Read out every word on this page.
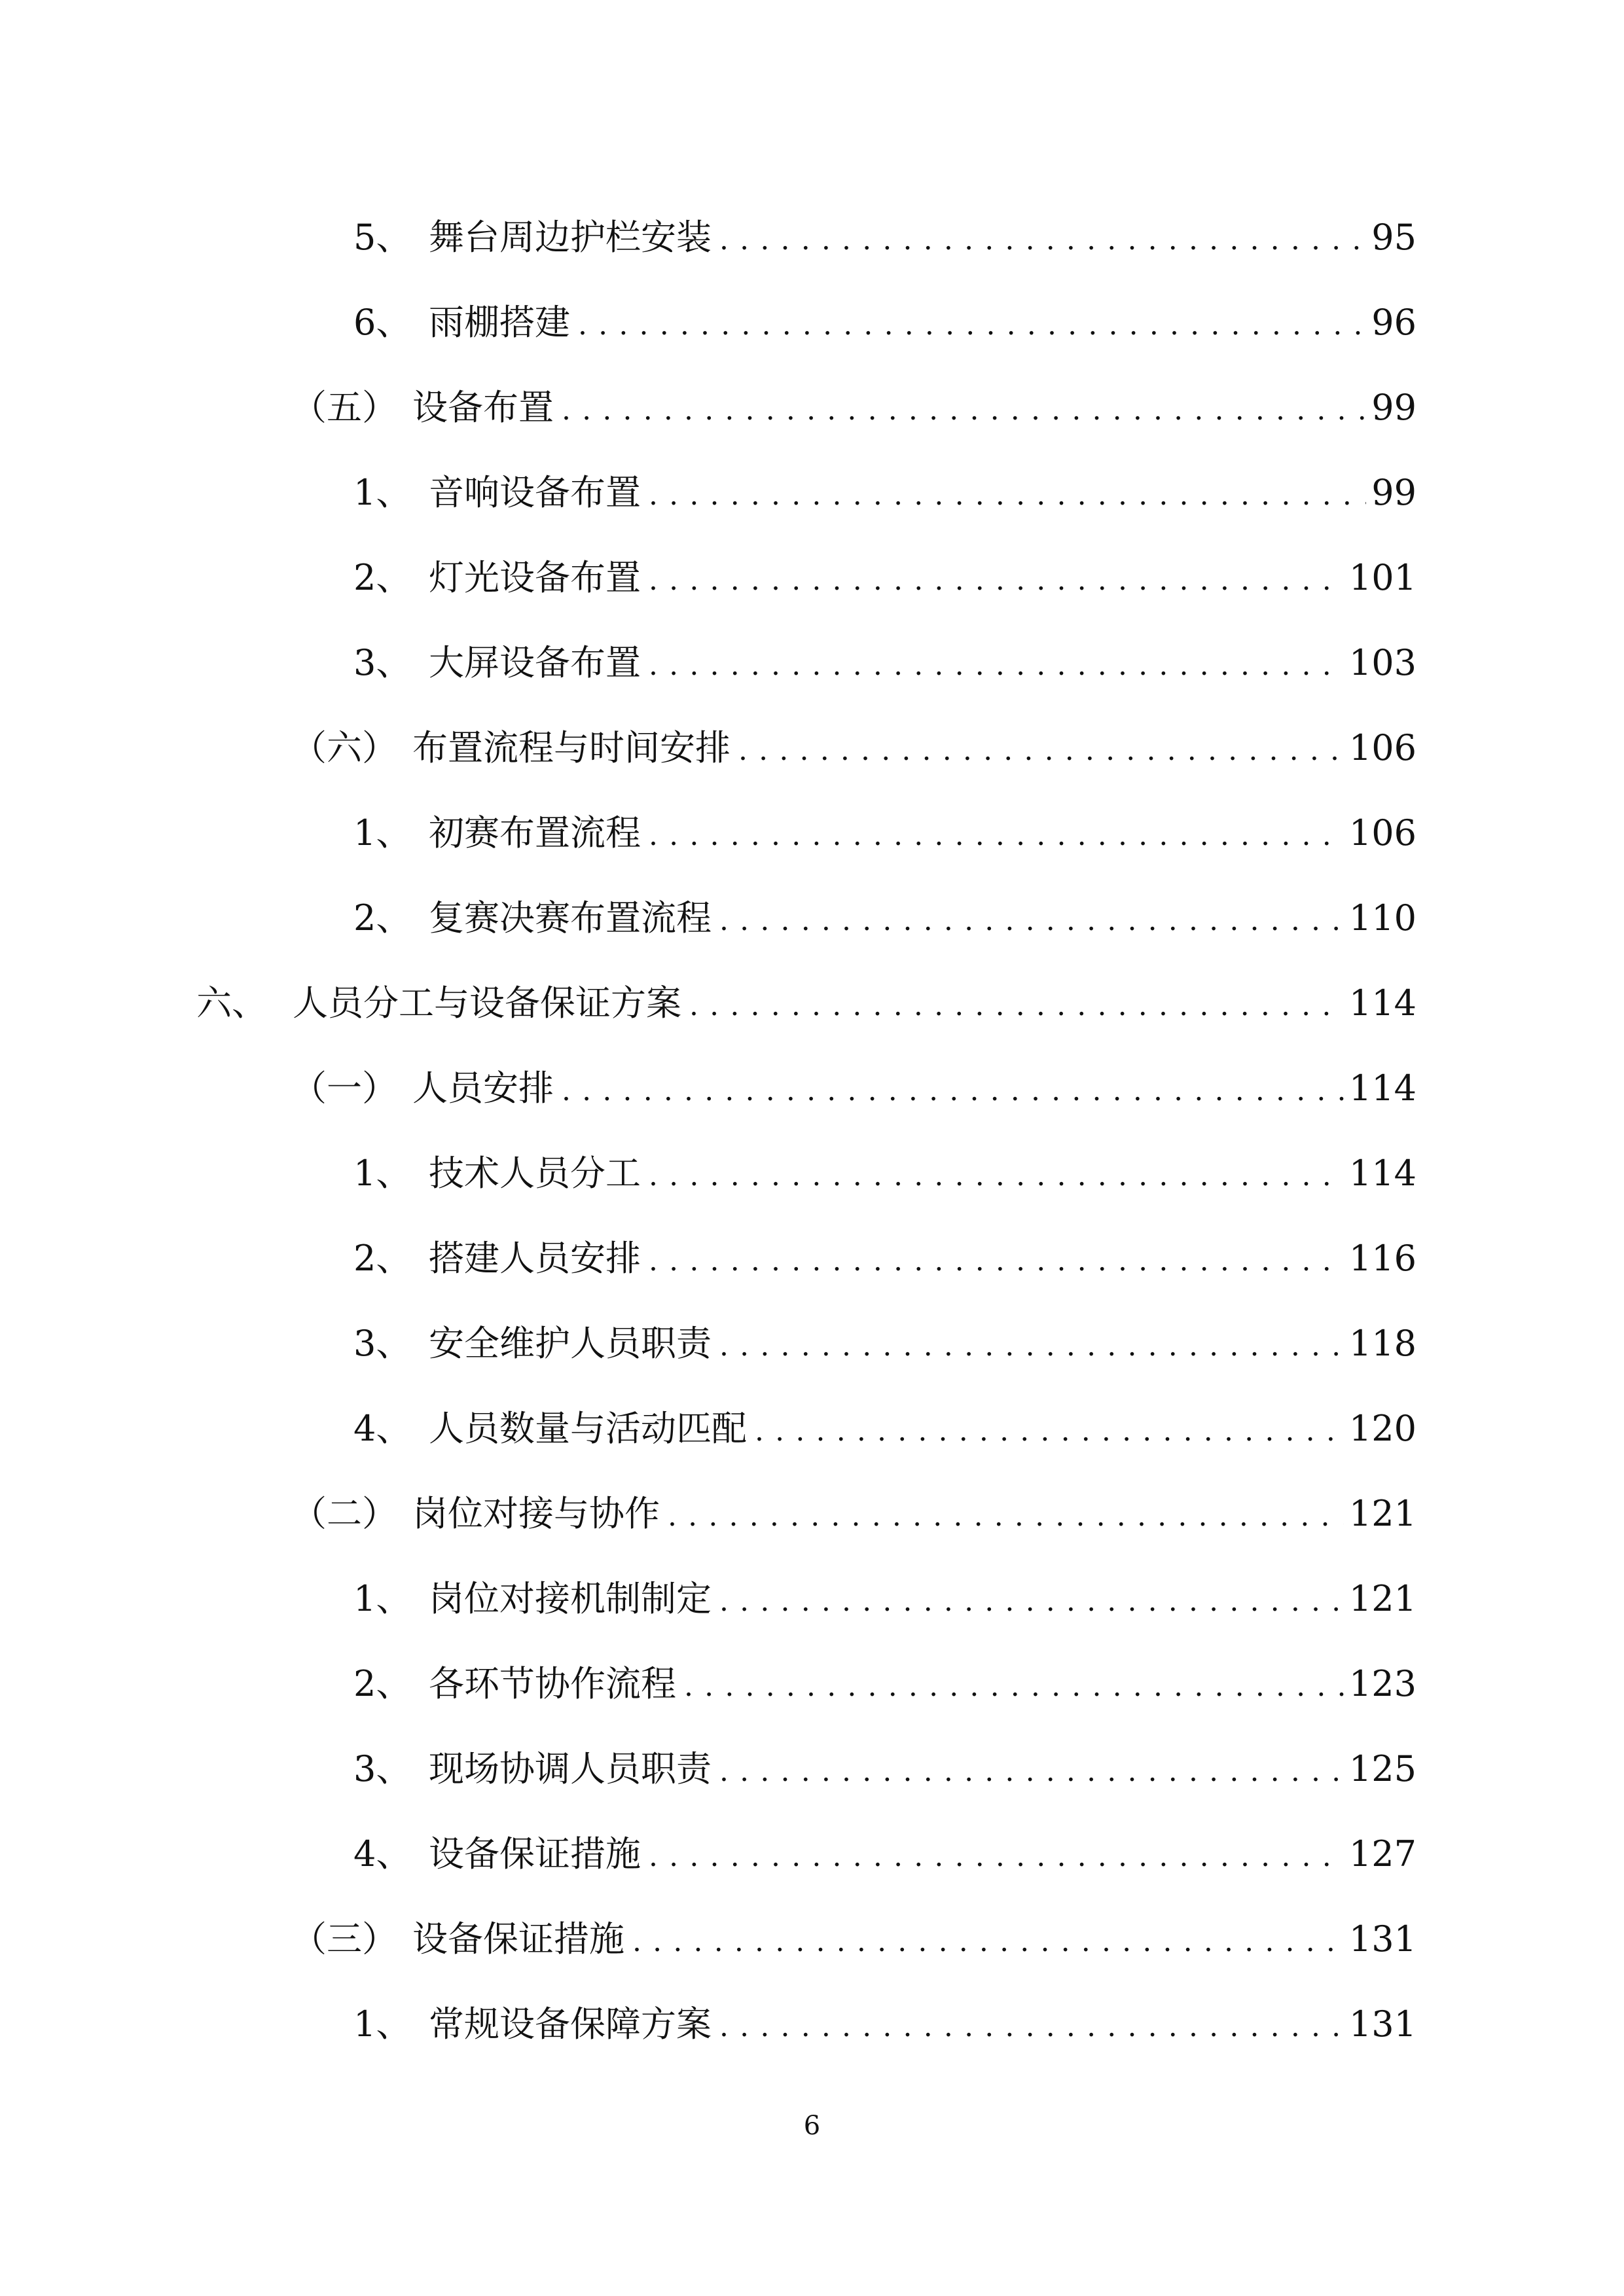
5、 舞台周边护栏安装 . . .	95
6、 雨棚搭建 . . .	96
（五） 设备布置 . . .	99
1、 音响设备布置 . . .	99
2、 灯光设备布置 . . .	101
3、 大屏设备布置 . . .	103
（六） 布置流程与时间安排 . . .	106
1、 初赛布置流程 . . .	106
2、 复赛决赛布置流程 . . .	110
六、 人员分工与设备保证方案 . . .	114
（一） 人员安排 . . .	114
1、 技术人员分工 . . .	114
2、 搭建人员安排 . . .	116
3、 安全维护人员职责 . . .	118
4、 人员数量与活动匹配 . . .	120
（二） 岗位对接与协作 . . .	121
1、 岗位对接机制制定 . . .	121
2、 各环节协作流程 . . .	123
3、 现场协调人员职责 . . .	125
4、 设备保证措施 . . .	127
（三） 设备保证措施 . . .	131
1、 常规设备保障方案 . . .	131
6
